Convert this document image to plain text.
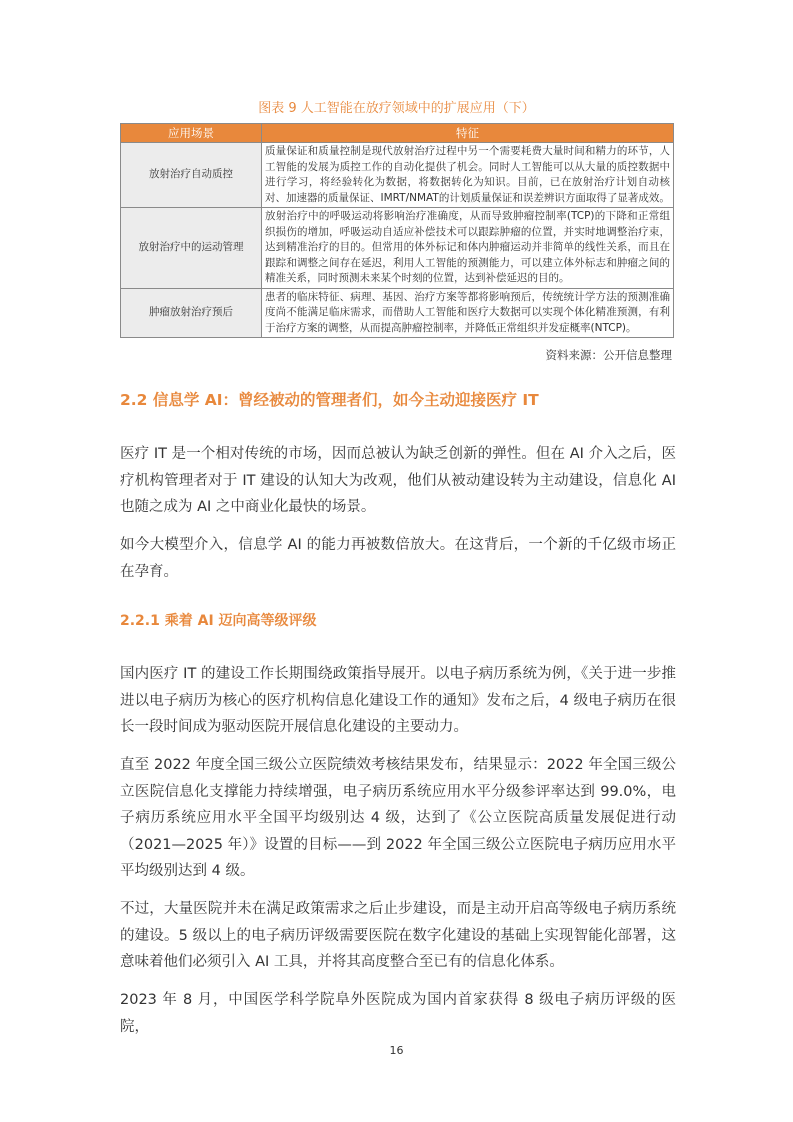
图表 9 人工智能在放疗领域中的扩展应用（下）
应用场景	特征
放射治疗自动质控	质量保证和质量控制是现代放射治疗过程中另一个需要耗费大量时间和精力的环节，人工智能的发展为质控工作的自动化提供了机会。同时人工智能可以从大量的质控数据中进行学习，将经验转化为数据，将数据转化为知识。目前，已在放射治疗计划自动核对、加速器的质量保证、IMRT/NMAT的计划质量保证和误差辨识方面取得了显著成效。
放射治疗中的运动管理	放射治疗中的呼吸运动将影响治疗准确度，从而导致肿瘤控制率(TCP)的下降和正常组织损伤的增加，呼吸运动自适应补偿技术可以跟踪肿瘤的位置，并实时地调整治疗束，达到精准治疗的目的。但常用的体外标记和体内肿瘤运动并非简单的线性关系，而且在跟踪和调整之间存在延迟，利用人工智能的预测能力，可以建立体外标志和肿瘤之间的精准关系，同时预测未来某个时刻的位置，达到补偿延迟的目的。
肿瘤放射治疗预后	患者的临床特征、病理、基因、治疗方案等都将影响预后，传统统计学方法的预测准确度尚不能满足临床需求，而借助人工智能和医疗大数据可以实现个体化精准预测，有利于治疗方案的调整，从而提高肿瘤控制率，并降低正常组织并发症概率(NTCP)。
资料来源：公开信息整理
2.2 信息学 AI：曾经被动的管理者们，如今主动迎接医疗 IT

医疗 IT 是一个相对传统的市场，因而总被认为缺乏创新的弹性。但在 AI 介入之后，医疗机构管理者对于 IT 建设的认知大为改观，他们从被动建设转为主动建设，信息化 AI 也随之成为 AI 之中商业化最快的场景。

如今大模型介入，信息学 AI 的能力再被数倍放大。在这背后，一个新的千亿级市场正在孕育。

2.2.1 乘着 AI 迈向高等级评级

国内医疗 IT 的建设工作长期围绕政策指导展开。以电子病历系统为例，《关于进一步推进以电子病历为核心的医疗机构信息化建设工作的通知》发布之后，4 级电子病历在很长一段时间成为驱动医院开展信息化建设的主要动力。

直至 2022 年度全国三级公立医院绩效考核结果发布，结果显示：2022 年全国三级公立医院信息化支撑能力持续增强，电子病历系统应用水平分级参评率达到 99.0%，电子病历系统应用水平全国平均级别达 4 级，达到了《公立医院高质量发展促进行动（2021—2025 年）》设置的目标——到 2022 年全国三级公立医院电子病历应用水平平均级别达到 4 级。

不过，大量医院并未在满足政策需求之后止步建设，而是主动开启高等级电子病历系统的建设。5 级以上的电子病历评级需要医院在数字化建设的基础上实现智能化部署，这意味着他们必须引入 AI 工具，并将其高度整合至已有的信息化体系。

2023 年 8 月，中国医学科学院阜外医院成为国内首家获得 8 级电子病历评级的医院，

16
